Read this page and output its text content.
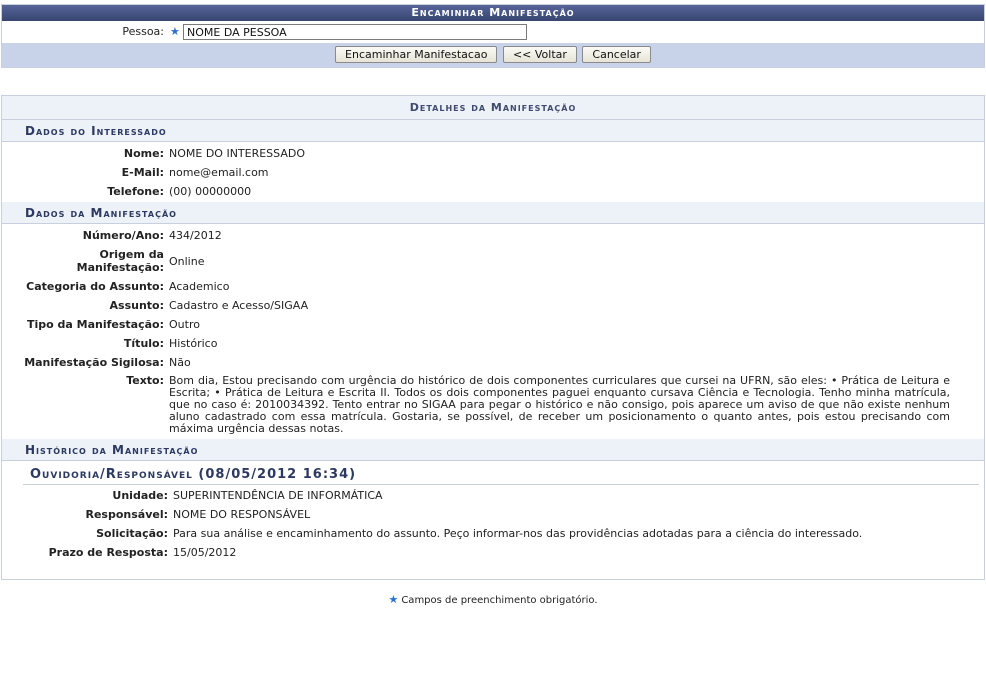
Encaminhar Manifestação
Pessoa: ★
NOME DA PESSOA
Encaminhar Manifestacao << Voltar Cancelar
Detalhes da Manifestação
Dados do Interessado
Nome: NOME DO INTERESSADO
E-Mail: nome@email.com
Telefone: (00) 00000000
Dados da Manifestação
Número/Ano: 434/2012
Origem da Manifestação: Online
Categoria do Assunto: Academico
Assunto: Cadastro e Acesso/SIGAA
Tipo da Manifestação: Outro
Título: Histórico
Manifestação Sigilosa: Não
Texto: Bom dia, Estou precisando com urgência do histórico de dois componentes curriculares que cursei na UFRN, são eles: • Prática de Leitura e Escrita; • Prática de Leitura e Escrita II. Todos os dois componentes paguei enquanto cursava Ciência e Tecnologia. Tenho minha matrícula, que no caso é: 2010034392. Tento entrar no SIGAA para pegar o histórico e não consigo, pois aparece um aviso de que não existe nenhum aluno cadastrado com essa matrícula. Gostaria, se possível, de receber um posicionamento o quanto antes, pois estou precisando com máxima urgência dessas notas.
Histórico da Manifestação
Ouvidoria/Responsável (08/05/2012 16:34)
Unidade: SUPERINTENDÊNCIA DE INFORMÁTICA
Responsável: NOME DO RESPONSÁVEL
Solicitação: Para sua análise e encaminhamento do assunto. Peço informar-nos das providências adotadas para a ciência do interessado.
Prazo de Resposta: 15/05/2012
★ Campos de preenchimento obrigatório.
